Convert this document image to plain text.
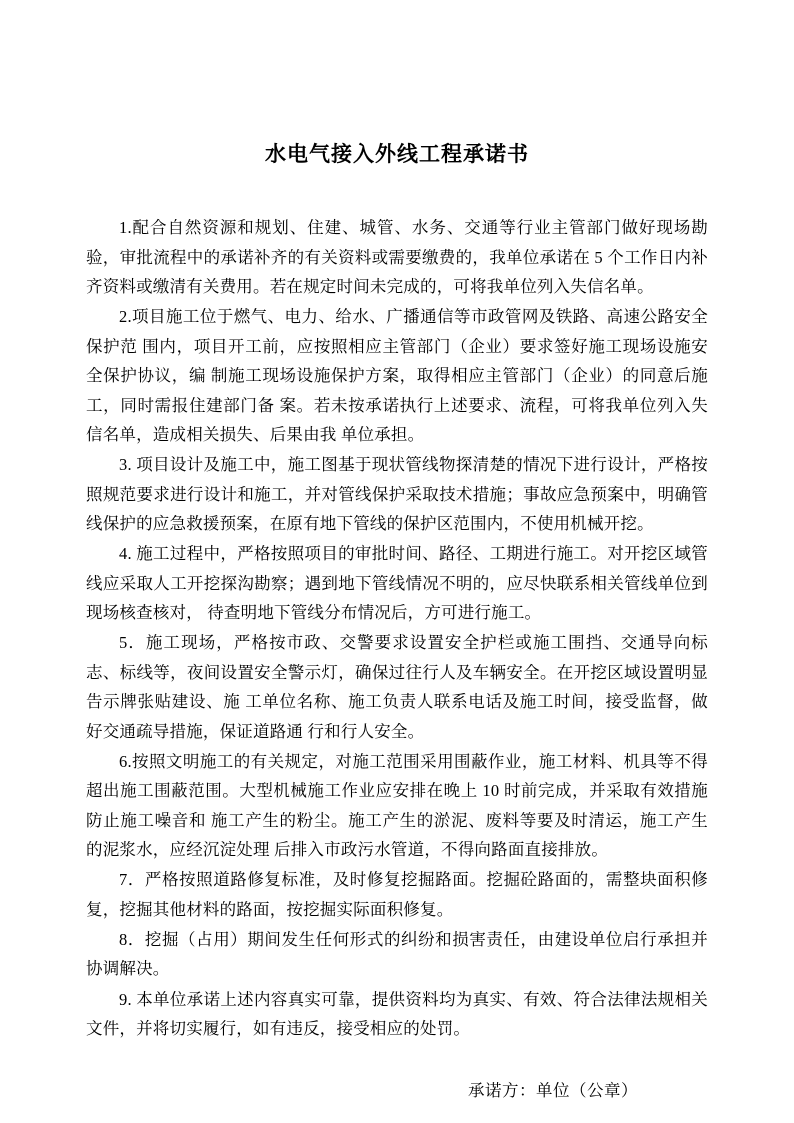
水电气接入外线工程承诺书

1.配合自然资源和规划、住建、城管、水务、交通等行业主管部门做好现场勘验，审批流程中的承诺补齐的有关资料或需要缴费的，我单位承诺在 5 个工作日内补齐资料或缴清有关费用。若在规定时间未完成的，可将我单位列入失信名单。

2.项目施工位于燃气、电力、给水、广播通信等市政管网及铁路、高速公路安全保护范 围内，项目开工前，应按照相应主管部门（企业）要求签好施工现场设施安全保护协议，编 制施工现场设施保护方案，取得相应主管部门（企业）的同意后施工，同时需报住建部门备 案。若未按承诺执行上述要求、流程，可将我单位列入失信名单，造成相关损失、后果由我 单位承担。

3. 项目设计及施工中，施工图基于现状管线物探清楚的情况下进行设计，严格按照规范要求进行设计和施工，并对管线保护采取技术措施；事故应急预案中，明确管线保护的应急救援预案，在原有地下管线的保护区范围内，不使用机械开挖。

4. 施工过程中，严格按照项目的审批时间、路径、工期进行施工。对开挖区域管线应采取人工开挖探沟勘察；遇到地下管线情况不明的，应尽快联系相关管线单位到现场核查核对， 待查明地下管线分布情况后，方可进行施工。

5．施工现场，严格按市政、交警要求设置安全护栏或施工围挡、交通导向标志、标线等，夜间设置安全警示灯，确保过往行人及车辆安全。在开挖区域设置明显告示牌张贴建设、施 工单位名称、施工负责人联系电话及施工时间，接受监督，做好交通疏导措施，保证道路通 行和行人安全。

6.按照文明施工的有关规定，对施工范围采用围蔽作业，施工材料、机具等不得超出施工围蔽范围。大型机械施工作业应安排在晚上 10 时前完成，并采取有效措施防止施工噪音和 施工产生的粉尘。施工产生的淤泥、废料等要及时清运，施工产生的泥浆水，应经沉淀处理 后排入市政污水管道，不得向路面直接排放。

7．严格按照道路修复标准，及时修复挖掘路面。挖掘砼路面的，需整块面积修复，挖掘其他材料的路面，按挖掘实际面积修复。

8．挖掘（占用）期间发生任何形式的纠纷和损害责任，由建设单位启行承担并协调解决。

9. 本单位承诺上述内容真实可靠，提供资料均为真实、有效、符合法律法规相关文件，并将切实履行，如有违反，接受相应的处罚。

承诺方：单位（公章）
